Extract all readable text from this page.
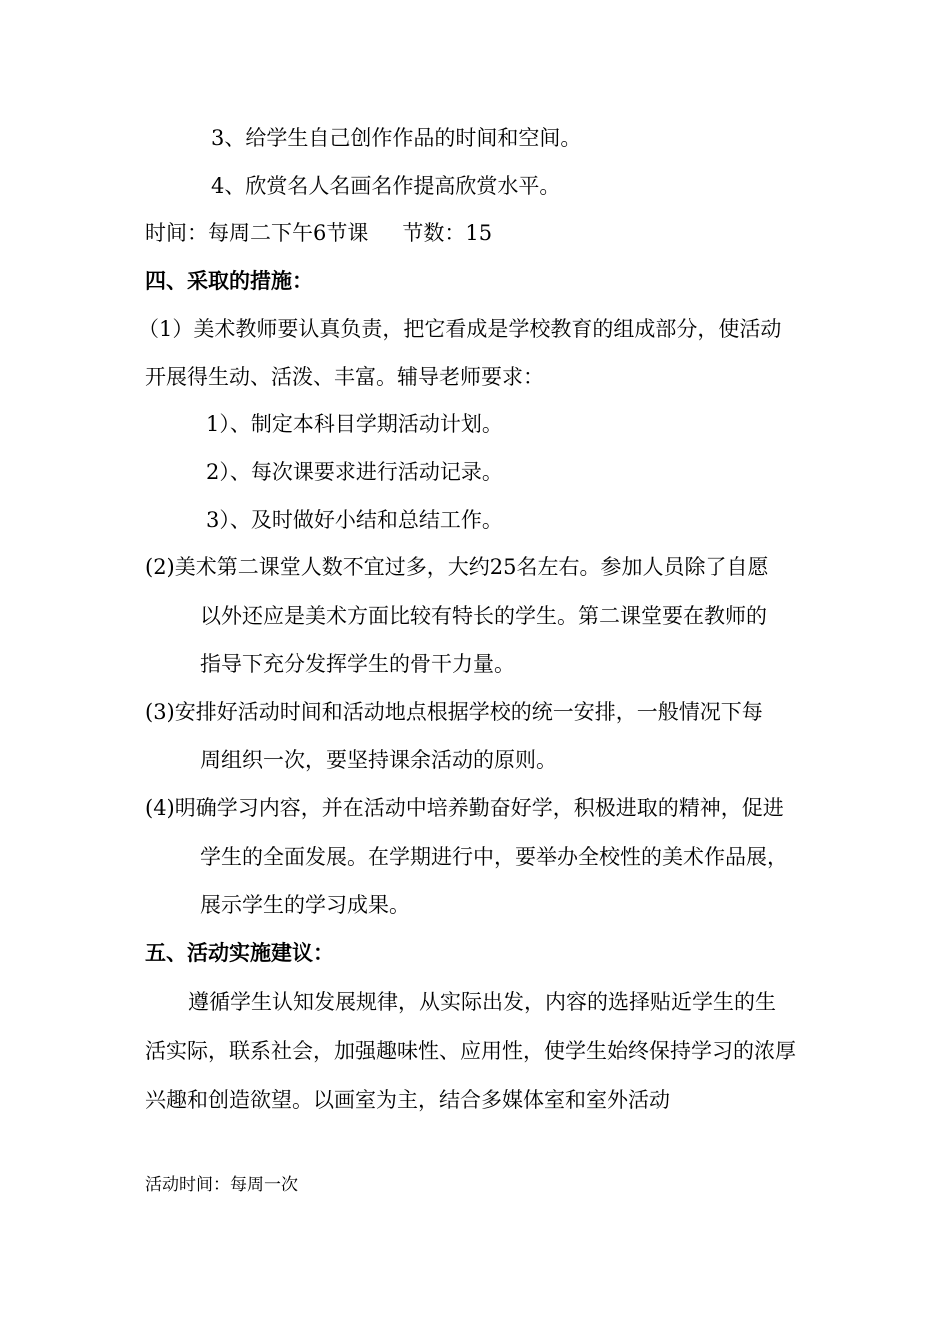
3、给学生自己创作作品的时间和空间。
4、欣赏名人名画名作提高欣赏水平。
时间：每周二下午6节课 节数：15
四、采取的措施：
（1）美术教师要认真负责，把它看成是学校教育的组成部分，使活动
开展得生动、活泼、丰富。辅导老师要求：
1）、制定本科目学期活动计划。
2）、每次课要求进行活动记录。
3）、及时做好小结和总结工作。
(2)美术第二课堂人数不宜过多，大约25名左右。参加人员除了自愿
以外还应是美术方面比较有特长的学生。第二课堂要在教师的
指导下充分发挥学生的骨干力量。
(3)安排好活动时间和活动地点根据学校的统一安排，一般情况下每
周组织一次，要坚持课余活动的原则。
(4)明确学习内容，并在活动中培养勤奋好学，积极进取的精神，促进
学生的全面发展。在学期进行中，要举办全校性的美术作品展，
展示学生的学习成果。
五、活动实施建议：
遵循学生认知发展规律，从实际出发，内容的选择贴近学生的生
活实际，联系社会，加强趣味性、应用性，使学生始终保持学习的浓厚
兴趣和创造欲望。以画室为主，结合多媒体室和室外活动
活动时间：每周一次
